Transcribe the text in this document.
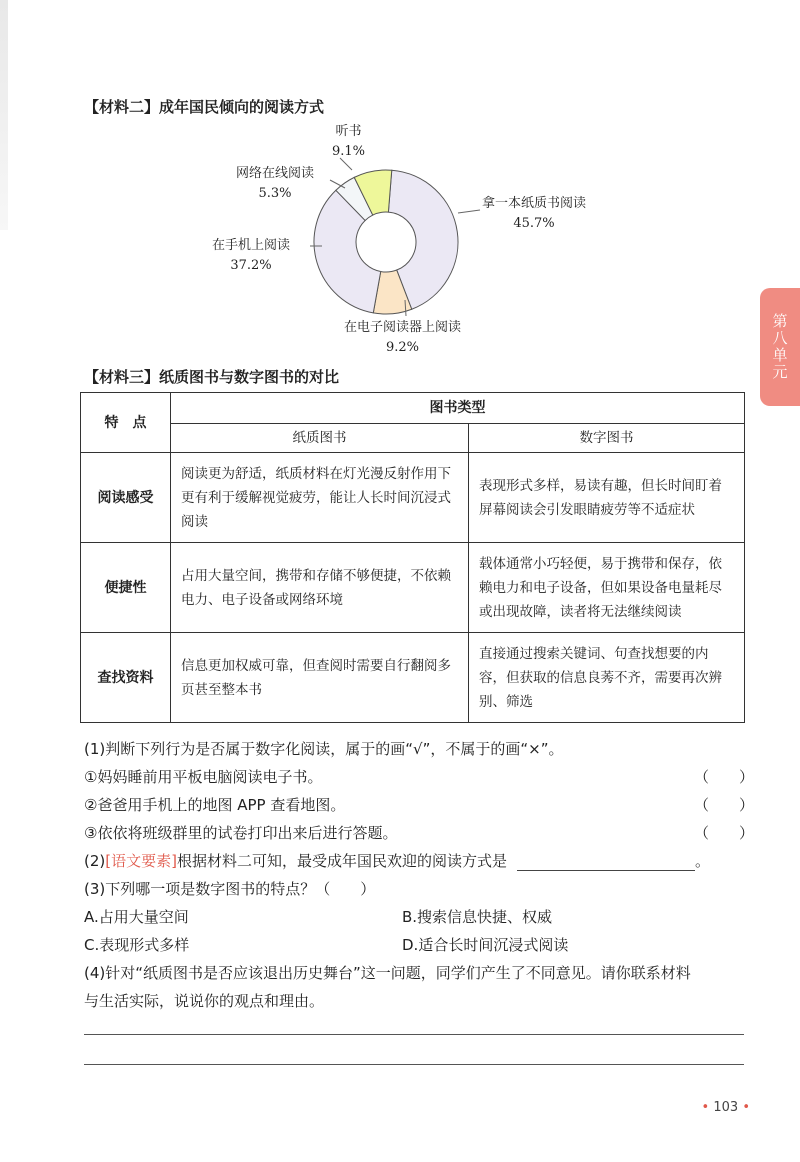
【材料二】成年国民倾向的阅读方式
听书
9.1%
网络在线阅读
5.3%
拿一本纸质书阅读
45.7%
在手机上阅读
37.2%
在电子阅读器上阅读
9.2%	第八单元
【材料三】纸质图书与数字图书的对比
特　点	图书类型	
	纸质图书	数字图书
阅读感受	阅读更为舒适，纸质材料在灯光漫反射作用下更有利于缓解视觉疲劳，能让人长时间沉浸式阅读	表现形式多样，易读有趣，但长时间盯着屏幕阅读会引发眼睛疲劳等不适症状
便捷性	占用大量空间，携带和存储不够便捷，不依赖电力、电子设备或网络环境	载体通常小巧轻便，易于携带和保存，依赖电力和电子设备，但如果设备电量耗尽或出现故障，读者将无法继续阅读
查找资料	信息更加权威可靠，但查阅时需要自行翻阅多页甚至整本书	直接通过搜索关键词、句查找想要的内容，但获取的信息良莠不齐，需要再次辨别、筛选
(1)判断下列行为是否属于数字化阅读，属于的画“√”，不属于的画“×”。
①妈妈睡前用平板电脑阅读电子书。	（　　）
②爸爸用手机上的地图 APP 查看地图。	（　　）
③依依将班级群里的试卷打印出来后进行答题。	（　　）
(2)[语文要素]根据材料二可知，最受成年国民欢迎的阅读方式是	。
(3)下列哪一项是数字图书的特点？（　　）
A.占用大量空间	B.搜索信息快捷、权威
C.表现形式多样	D.适合长时间沉浸式阅读
(4)针对“纸质图书是否应该退出历史舞台”这一问题，同学们产生了不同意见。请你联系材料
与生活实际，说说你的观点和理由。
• 103 •
